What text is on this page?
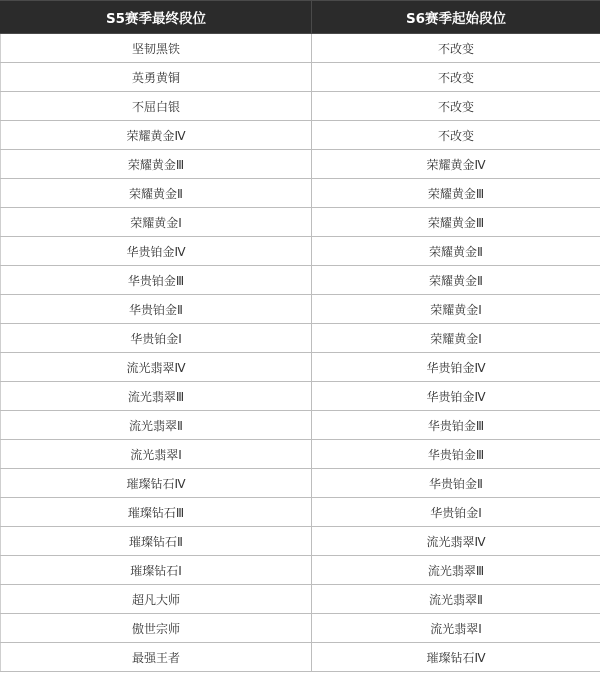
S5赛季最终段位	S6赛季起始段位
坚韧黑铁	不改变
英勇黄铜	不改变
不屈白银	不改变
荣耀黄金Ⅳ	不改变
荣耀黄金Ⅲ	荣耀黄金Ⅳ
荣耀黄金Ⅱ	荣耀黄金Ⅲ
荣耀黄金Ⅰ	荣耀黄金Ⅲ
华贵铂金Ⅳ	荣耀黄金Ⅱ
华贵铂金Ⅲ	荣耀黄金Ⅱ
华贵铂金Ⅱ	荣耀黄金Ⅰ
华贵铂金Ⅰ	荣耀黄金Ⅰ
流光翡翠Ⅳ	华贵铂金Ⅳ
流光翡翠Ⅲ	华贵铂金Ⅳ
流光翡翠Ⅱ	华贵铂金Ⅲ
流光翡翠Ⅰ	华贵铂金Ⅲ
璀璨钻石Ⅳ	华贵铂金Ⅱ
璀璨钻石Ⅲ	华贵铂金Ⅰ
璀璨钻石Ⅱ	流光翡翠Ⅳ
璀璨钻石Ⅰ	流光翡翠Ⅲ
超凡大师	流光翡翠Ⅱ
傲世宗师	流光翡翠Ⅰ
最强王者	璀璨钻石Ⅳ
